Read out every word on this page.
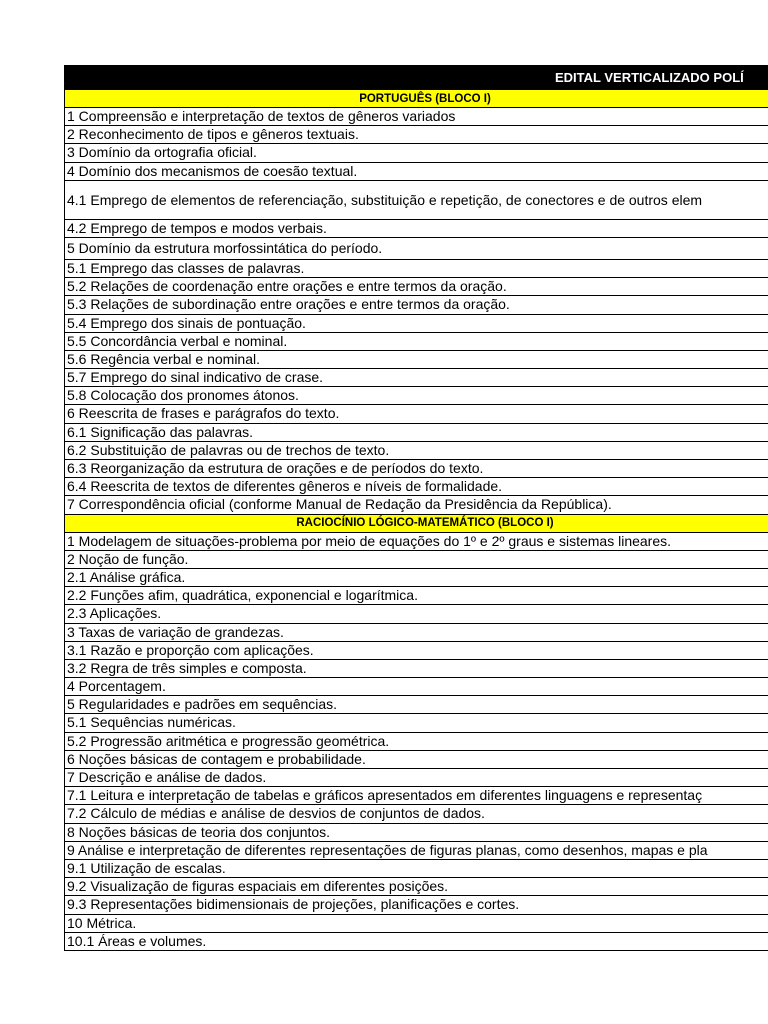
EDITAL VERTICALIZADO POLÍ
PORTUGUÊS (BLOCO I)
1 Compreensão e interpretação de textos de gêneros variados
2 Reconhecimento de tipos e gêneros textuais.
3 Domínio da ortografia oficial.
4 Domínio dos mecanismos de coesão textual.
4.1 Emprego de elementos de referenciação, substituição e repetição, de conectores e de outros elem
4.2 Emprego de tempos e modos verbais.
5 Domínio da estrutura morfossintática do período.
5.1 Emprego das classes de palavras.
5.2 Relações de coordenação entre orações e entre termos da oração.
5.3 Relações de subordinação entre orações e entre termos da oração.
5.4 Emprego dos sinais de pontuação.
5.5 Concordância verbal e nominal.
5.6 Regência verbal e nominal.
5.7 Emprego do sinal indicativo de crase.
5.8 Colocação dos pronomes átonos.
6 Reescrita de frases e parágrafos do texto.
6.1 Significação das palavras.
6.2 Substituição de palavras ou de trechos de texto.
6.3 Reorganização da estrutura de orações e de períodos do texto.
6.4 Reescrita de textos de diferentes gêneros e níveis de formalidade.
7 Correspondência oficial (conforme Manual de Redação da Presidência da República).
RACIOCÍNIO LÓGICO-MATEMÁTICO (BLOCO I)
1 Modelagem de situações-problema por meio de equações do 1º e 2º graus e sistemas lineares.
2 Noção de função.
2.1 Análise gráfica.
2.2 Funções afim, quadrática, exponencial e logarítmica.
2.3 Aplicações.
3 Taxas de variação de grandezas.
3.1 Razão e proporção com aplicações.
3.2 Regra de três simples e composta.
4 Porcentagem.
5 Regularidades e padrões em sequências.
5.1 Sequências numéricas.
5.2 Progressão aritmética e progressão geométrica.
6 Noções básicas de contagem e probabilidade.
7 Descrição e análise de dados.
7.1 Leitura e interpretação de tabelas e gráficos apresentados em diferentes linguagens e representaç
7.2 Cálculo de médias e análise de desvios de conjuntos de dados.
8 Noções básicas de teoria dos conjuntos.
9 Análise e interpretação de diferentes representações de figuras planas, como desenhos, mapas e pla
9.1 Utilização de escalas.
9.2 Visualização de figuras espaciais em diferentes posições.
9.3 Representações bidimensionais de projeções, planificações e cortes.
10 Métrica.
10.1 Áreas e volumes.
